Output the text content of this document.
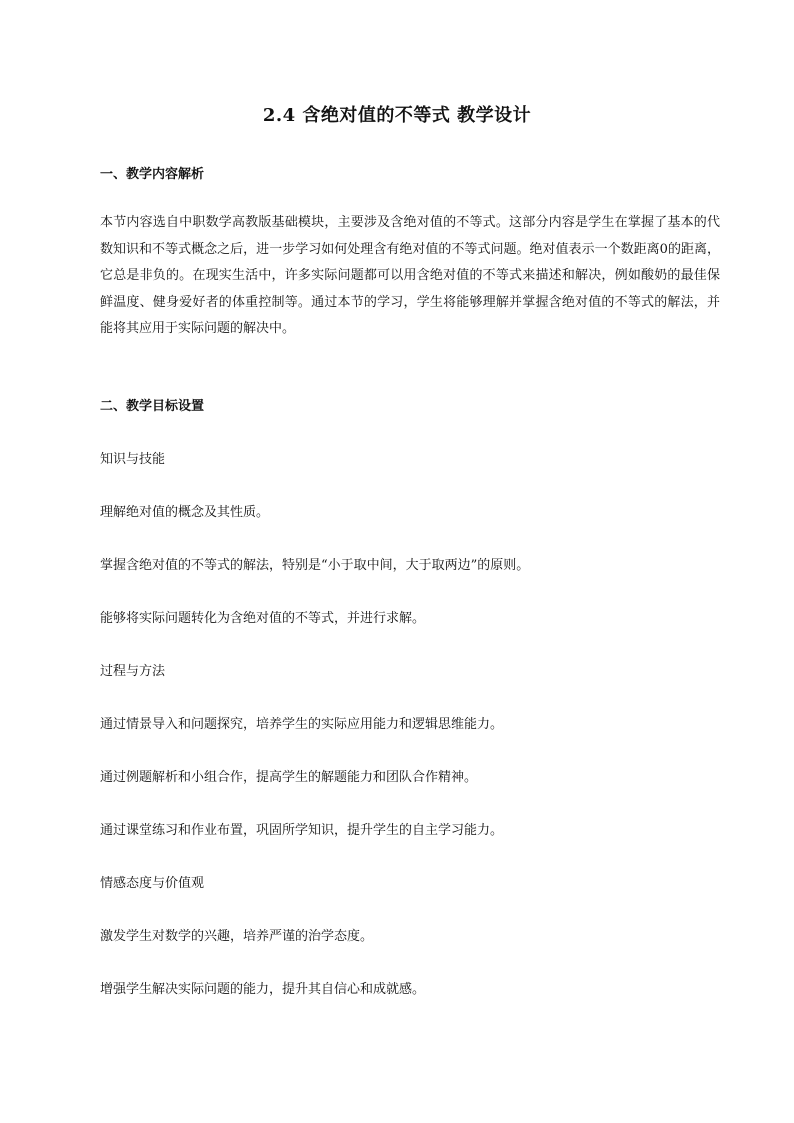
2.4 含绝对值的不等式 教学设计
一、教学内容解析

本节内容选自中职数学高教版基础模块，主要涉及含绝对值的不等式。这部分内容是学生在掌握了基本的代数知识和不等式概念之后，进一步学习如何处理含有绝对值的不等式问题。绝对值表示一个数距离0的距离，它总是非负的。在现实生活中，许多实际问题都可以用含绝对值的不等式来描述和解决，例如酸奶的最佳保鲜温度、健身爱好者的体重控制等。通过本节的学习，学生将能够理解并掌握含绝对值的不等式的解法，并能将其应用于实际问题的解决中。

二、教学目标设置

知识与技能

理解绝对值的概念及其性质。

掌握含绝对值的不等式的解法，特别是“小于取中间，大于取两边”的原则。

能够将实际问题转化为含绝对值的不等式，并进行求解。

过程与方法

通过情景导入和问题探究，培养学生的实际应用能力和逻辑思维能力。

通过例题解析和小组合作，提高学生的解题能力和团队合作精神。

通过课堂练习和作业布置，巩固所学知识，提升学生的自主学习能力。

情感态度与价值观

激发学生对数学的兴趣，培养严谨的治学态度。

增强学生解决实际问题的能力，提升其自信心和成就感。
